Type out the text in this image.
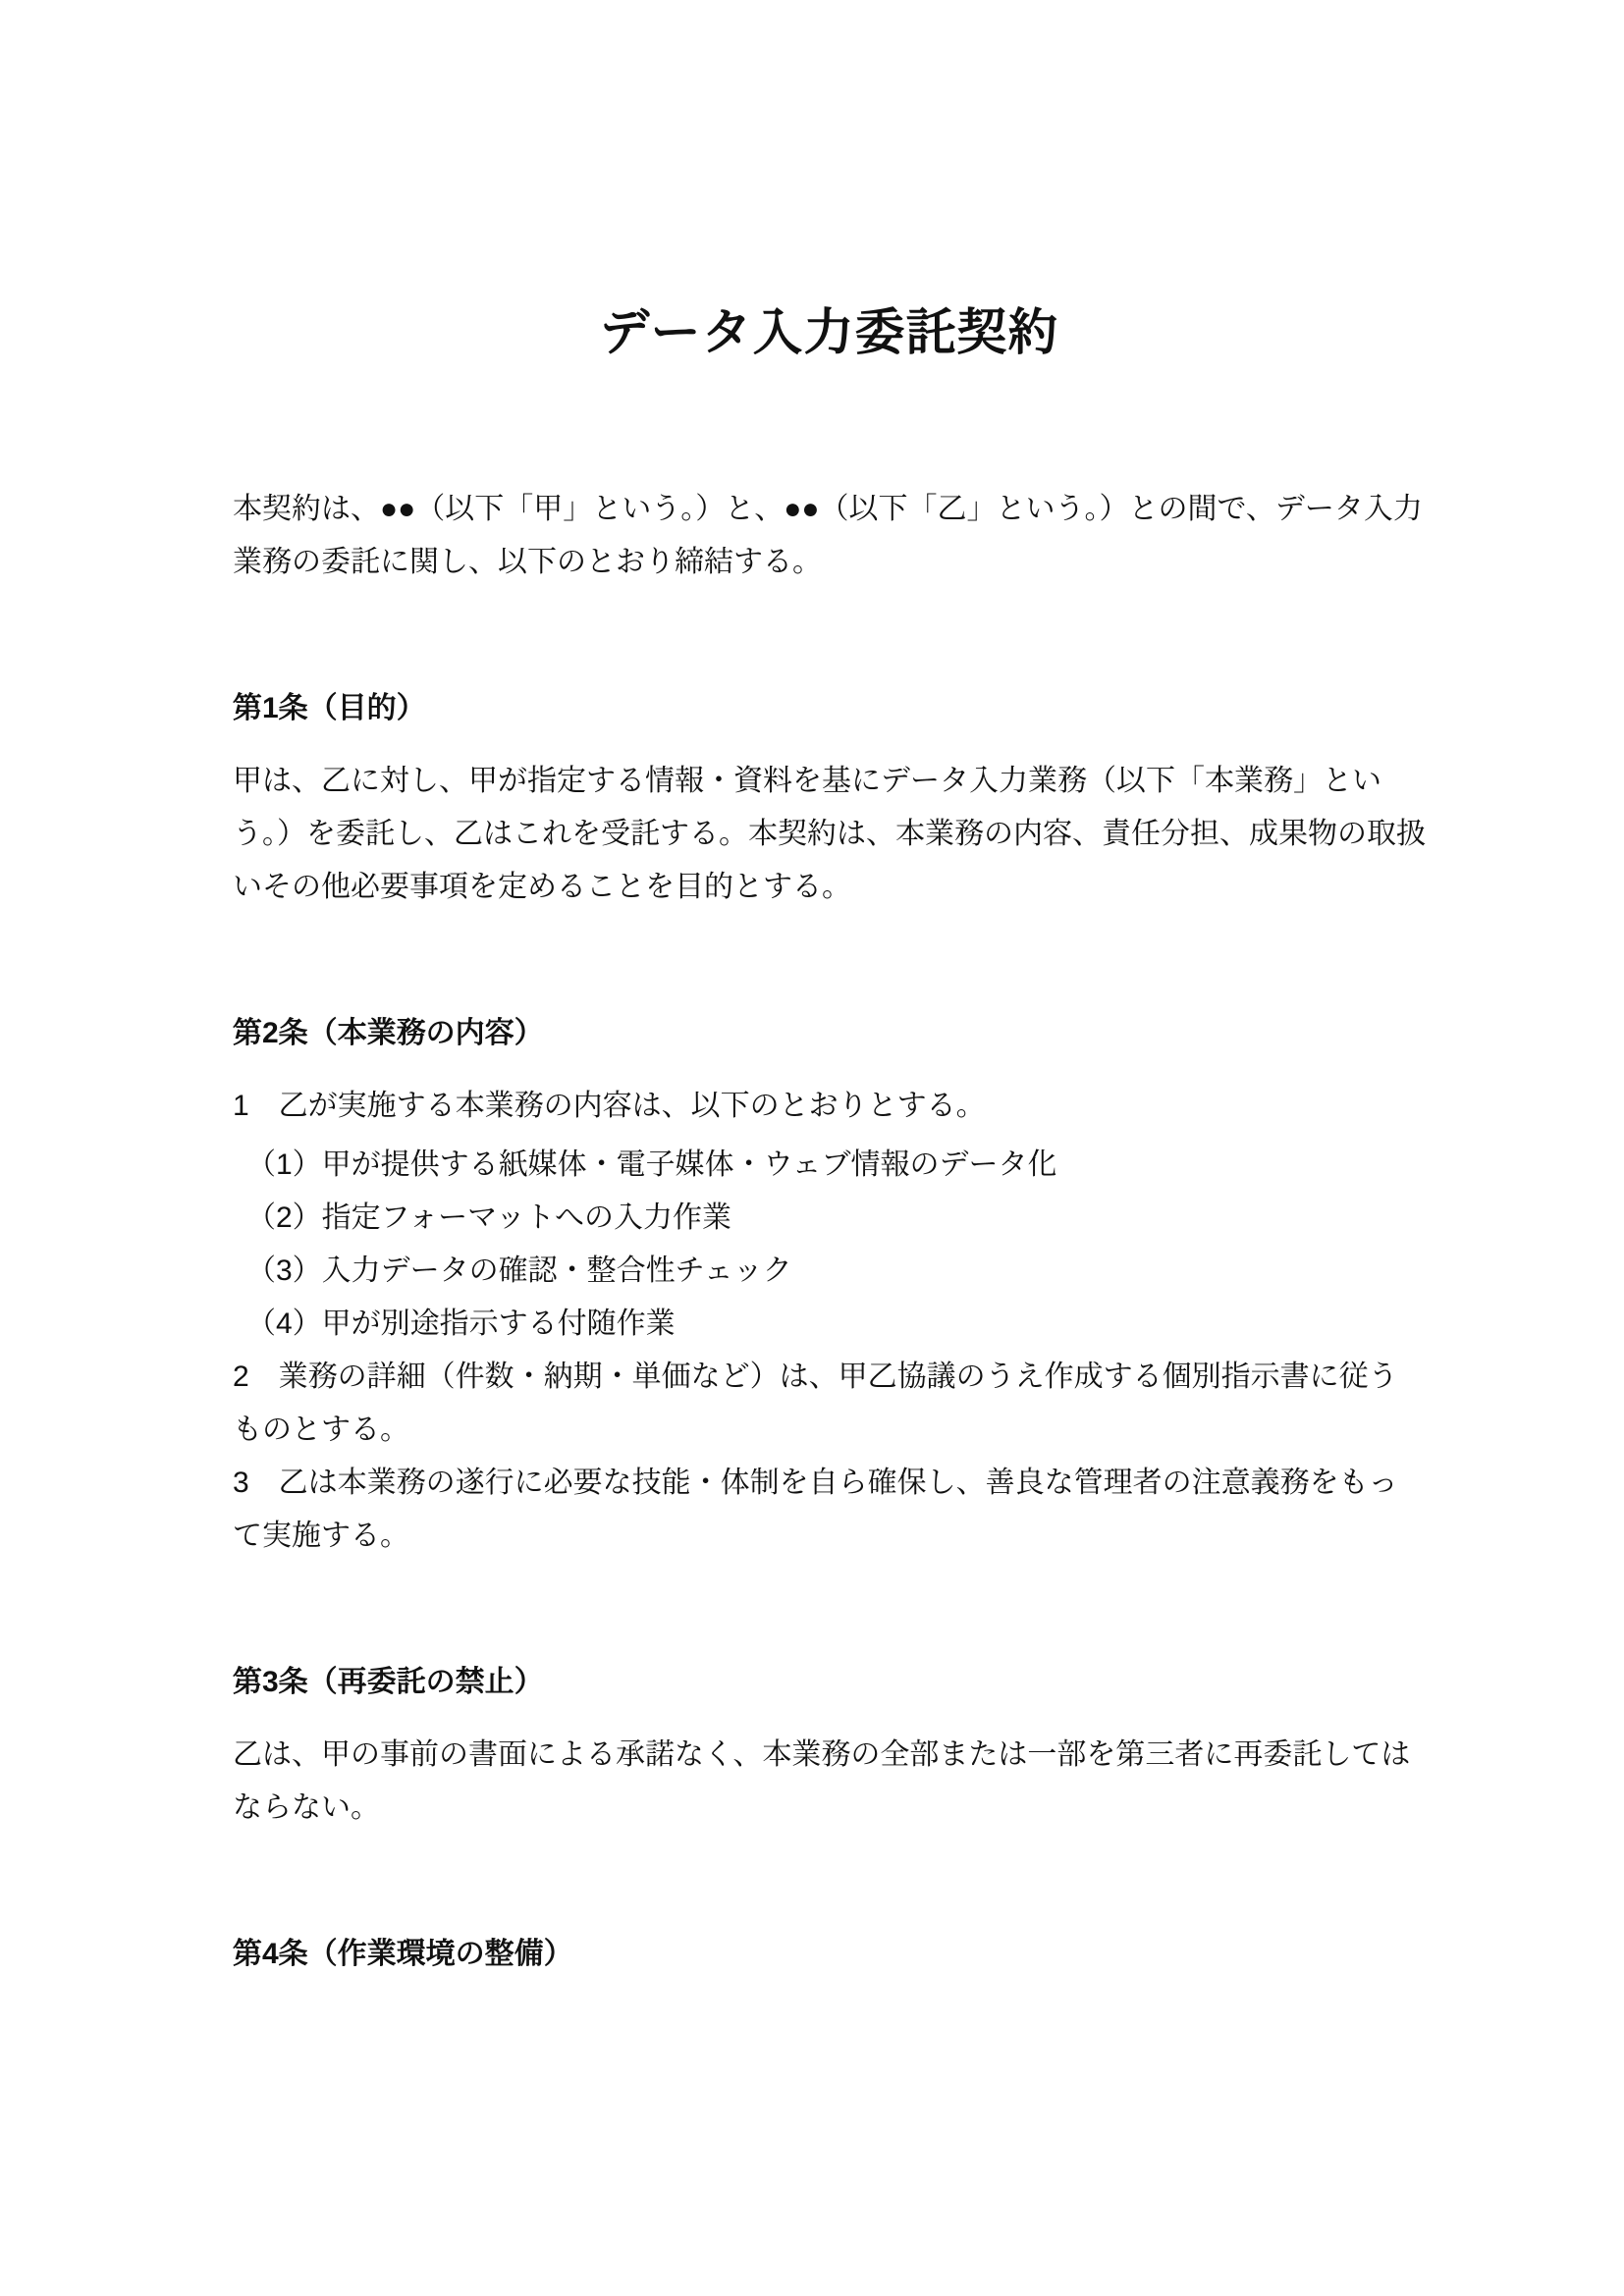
データ入力委託契約
本契約は、●●（以下「甲」という。）と、●●（以下「乙」という。）との間で、データ入力業務の委託に関し、以下のとおり締結する。
第1条（目的）
甲は、乙に対し、甲が指定する情報・資料を基にデータ入力業務（以下「本業務」という。）を委託し、乙はこれを受託する。本契約は、本業務の内容、責任分担、成果物の取扱いその他必要事項を定めることを目的とする。
第2条（本業務の内容）
1　乙が実施する本業務の内容は、以下のとおりとする。
（1）甲が提供する紙媒体・電子媒体・ウェブ情報のデータ化
（2）指定フォーマットへの入力作業
（3）入力データの確認・整合性チェック
（4）甲が別途指示する付随作業
2　業務の詳細（件数・納期・単価など）は、甲乙協議のうえ作成する個別指示書に従うものとする。
3　乙は本業務の遂行に必要な技能・体制を自ら確保し、善良な管理者の注意義務をもって実施する。
第3条（再委託の禁止）
乙は、甲の事前の書面による承諾なく、本業務の全部または一部を第三者に再委託してはならない。
第4条（作業環境の整備）
